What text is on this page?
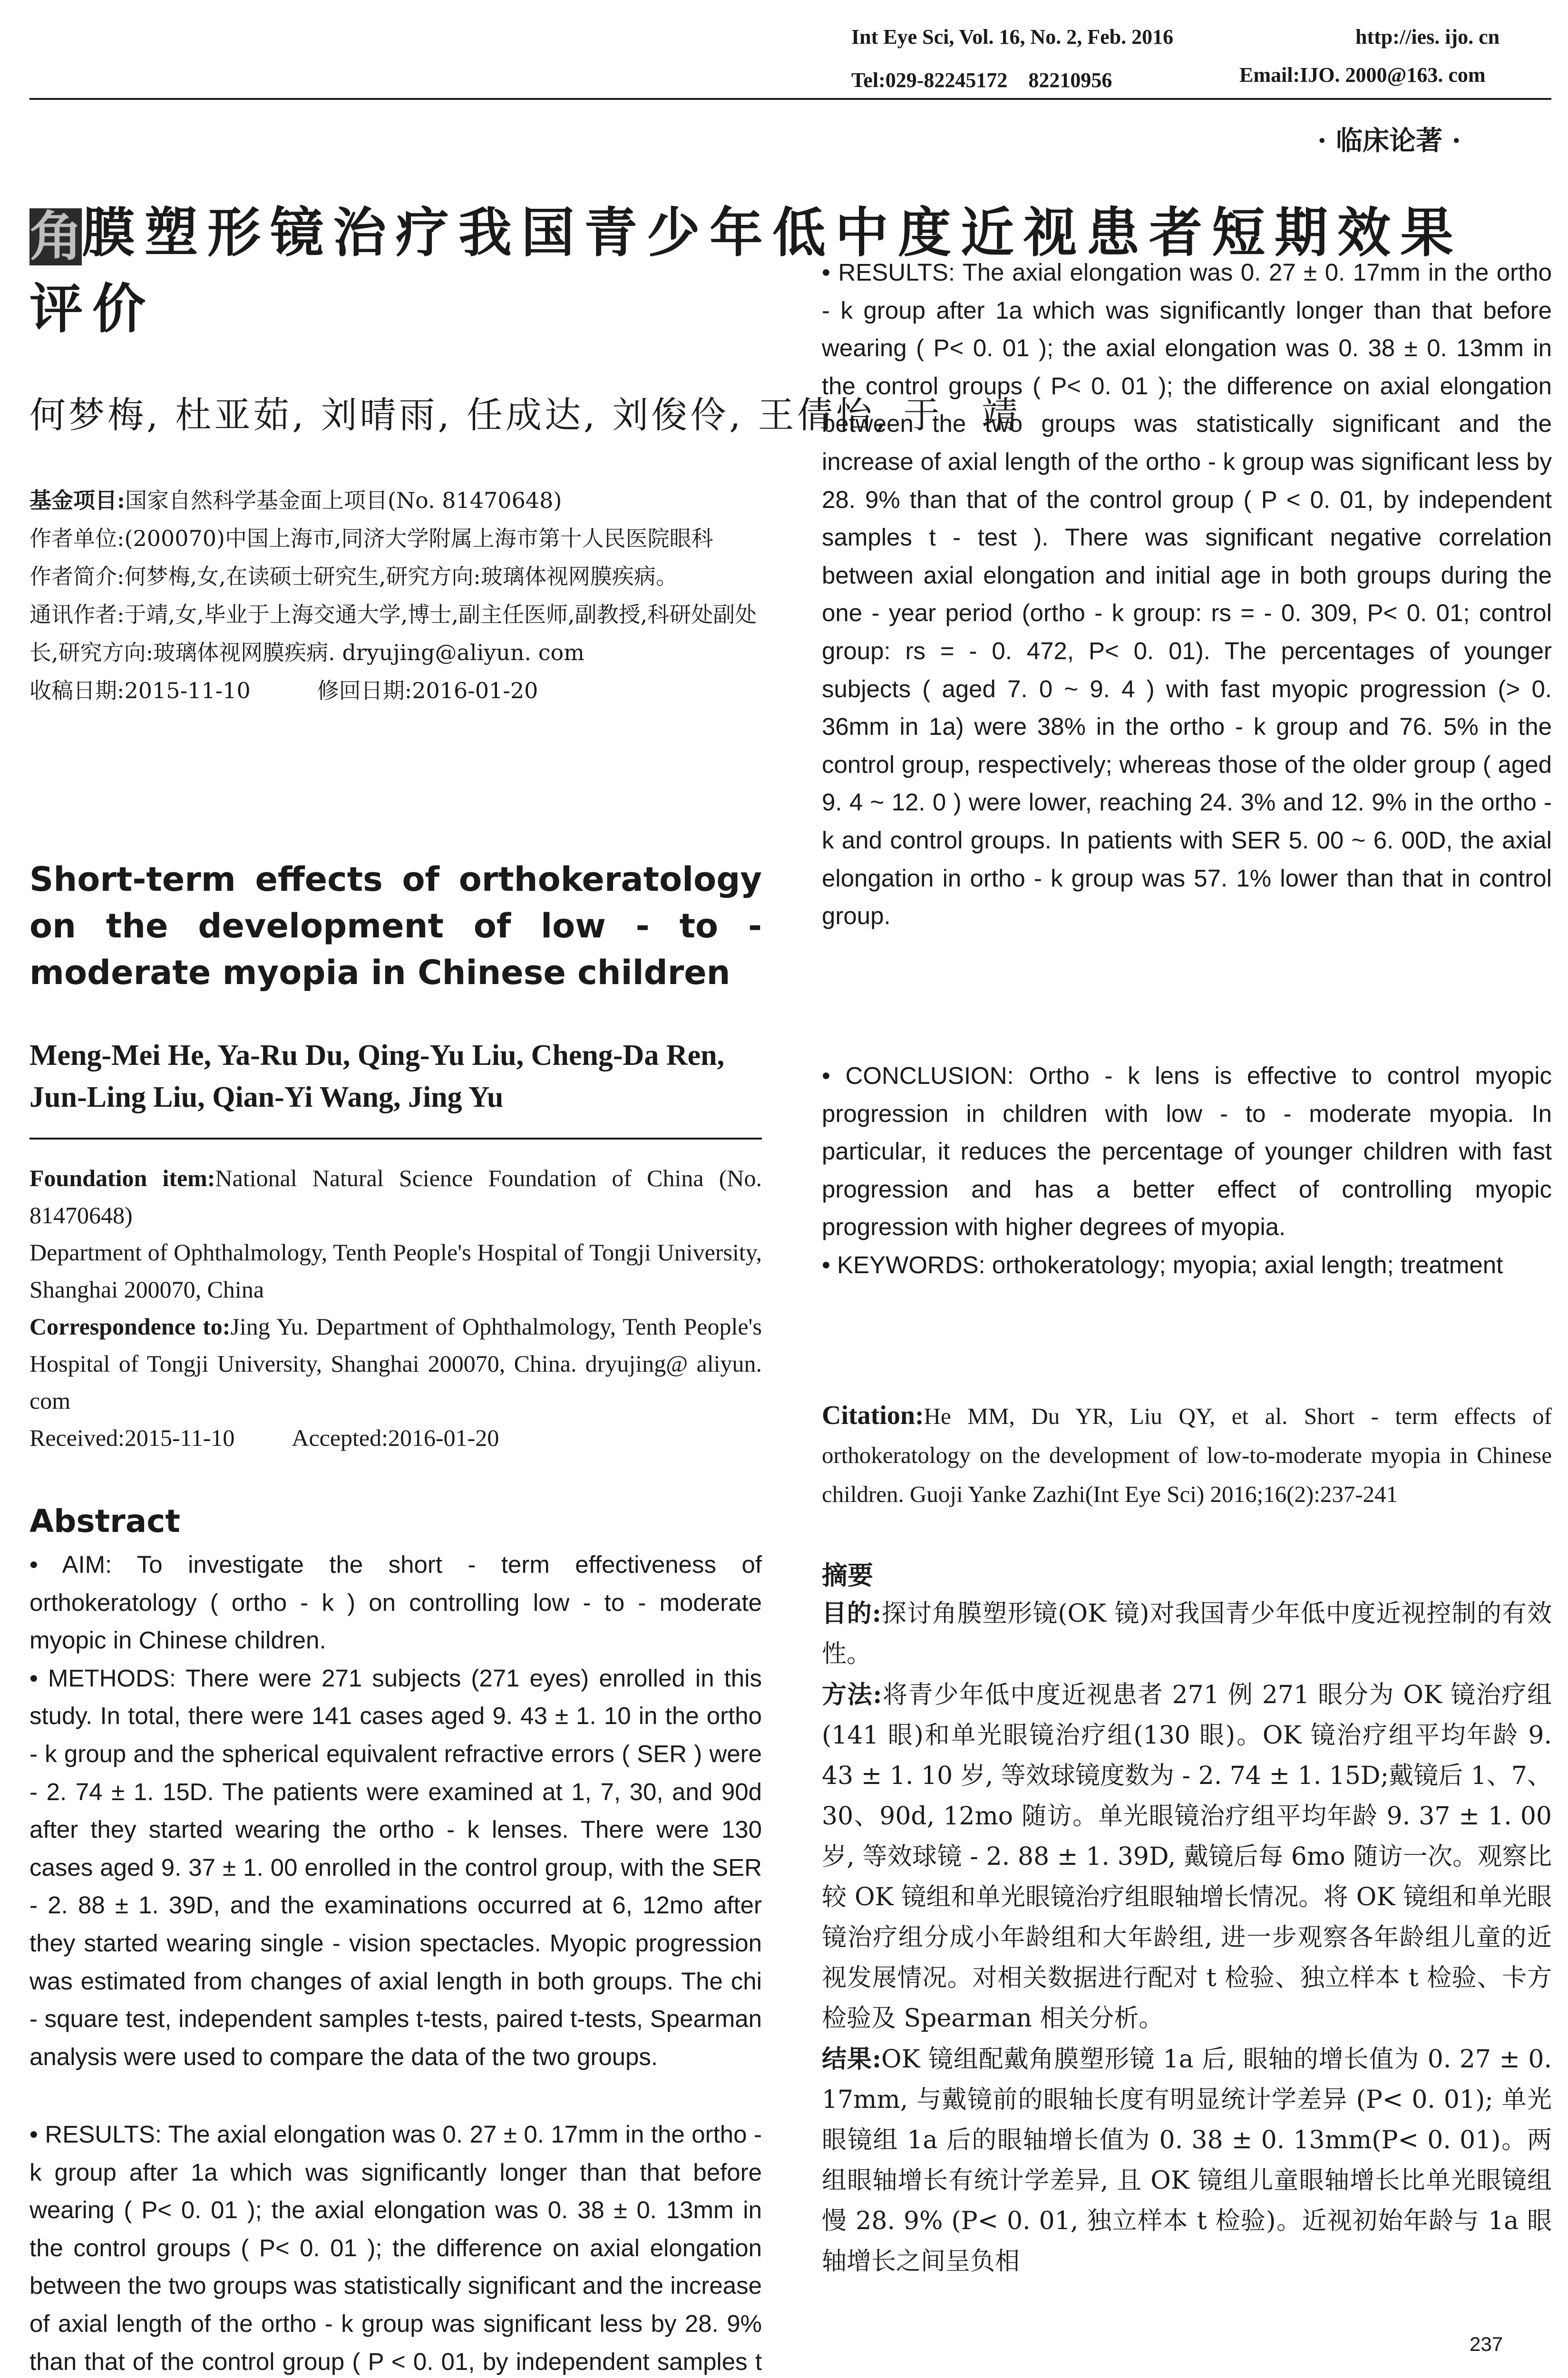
Int Eye Sci, Vol. 16, No. 2, Feb. 2016	http://ies. ijo. cn
Tel:029-82245172　82210956	Email:IJO. 2000@163. com
· 临床论著 ·
角膜塑形镜治疗我国青少年低中度近视患者短期效果
评价
何梦梅, 杜亚茹, 刘晴雨, 任成达, 刘俊伶, 王倩怡, 于　靖
基金项目:国家自然科学基金面上项目(No. 81470648)
作者单位:(200070)中国上海市,同济大学附属上海市第十人民医院眼科
作者简介:何梦梅,女,在读硕士研究生,研究方向:玻璃体视网膜疾病。
通讯作者:于靖,女,毕业于上海交通大学,博士,副主任医师,副教授,科研处副处长,研究方向:玻璃体视网膜疾病. dryujing@aliyun. com
收稿日期:2015-11-10	修回日期:2016-01-20
Short-term effects of orthokeratology on the development of low - to - moderate myopia in Chinese children
Meng-Mei He, Ya-Ru Du, Qing-Yu Liu, Cheng-Da Ren, Jun-Ling Liu, Qian-Yi Wang, Jing Yu
Foundation item:National Natural Science Foundation of China (No. 81470648)
Department of Ophthalmology, Tenth People's Hospital of Tongji University, Shanghai 200070, China
Correspondence to:Jing Yu. Department of Ophthalmology, Tenth People's Hospital of Tongji University, Shanghai 200070, China. dryujing@ aliyun. com
Received:2015-11-10 Accepted:2016-01-20
Abstract

• AIM: To investigate the short - term effectiveness of orthokeratology ( ortho - k ) on controlling low - to - moderate myopic in Chinese children.

• METHODS: There were 271 subjects (271 eyes) enrolled in this study. In total, there were 141 cases aged 9. 43 ± 1. 10 in the ortho - k group and the spherical equivalent refractive errors ( SER ) were - 2. 74 ± 1. 15D. The patients were examined at 1, 7, 30, and 90d after they started wearing the ortho - k lenses. There were 130 cases aged 9. 37 ± 1. 00 enrolled in the control group, with the SER - 2. 88 ± 1. 39D, and the examinations occurred at 6, 12mo after they started wearing single - vision spectacles. Myopic progression was estimated from changes of axial length in both groups. The chi - square test, independent samples t-tests, paired t-tests, Spearman analysis were used to compare the data of the two groups.

• RESULTS: The axial elongation was 0. 27 ± 0. 17mm in the ortho - k group after 1a which was significantly longer than that before wearing ( P< 0. 01 ); the axial elongation was 0. 38 ± 0. 13mm in the control groups ( P< 0. 01 ); the difference on axial elongation between the two groups was statistically significant and the increase of axial length of the ortho - k group was significant less by 28. 9% than that of the control group ( P < 0. 01, by independent samples t

• RESULTS: The axial elongation was 0. 27 ± 0. 17mm in the ortho - k group after 1a which was significantly longer than that before wearing ( P< 0. 01 ); the axial elongation was 0. 38 ± 0. 13mm in the control groups ( P< 0. 01 ); the difference on axial elongation between the two groups was statistically significant and the increase of axial length of the ortho - k group was significant less by 28. 9% than that of the control group ( P < 0. 01, by independent samples t - test ). There was significant negative correlation between axial elongation and initial age in both groups during the one - year period (ortho - k group: rs = - 0. 309, P< 0. 01; control group: rs = - 0. 472, P< 0. 01). The percentages of younger subjects ( aged 7. 0 ~ 9. 4 ) with fast myopic progression (> 0. 36mm in 1a) were 38% in the ortho - k group and 76. 5% in the control group, respectively; whereas those of the older group ( aged 9. 4 ~ 12. 0 ) were lower, reaching 24. 3% and 12. 9% in the ortho -k and control groups. In patients with SER 5. 00 ~ 6. 00D, the axial elongation in ortho - k group was 57. 1% lower than that in control group.

• CONCLUSION: Ortho - k lens is effective to control myopic progression in children with low - to - moderate myopia. In particular, it reduces the percentage of younger children with fast progression and has a better effect of controlling myopic progression with higher degrees of myopia.

• KEYWORDS: orthokeratology; myopia; axial length; treatment

Citation:He MM, Du YR, Liu QY, et al. Short - term effects of orthokeratology on the development of low-to-moderate myopia in Chinese children. Guoji Yanke Zazhi(Int Eye Sci) 2016;16(2):237-241
摘要

目的:探讨角膜塑形镜(OK 镜)对我国青少年低中度近视控制的有效性。

方法:将青少年低中度近视患者 271 例 271 眼分为 OK 镜治疗组(141 眼)和单光眼镜治疗组(130 眼)。OK 镜治疗组平均年龄 9. 43 ± 1. 10 岁, 等效球镜度数为 - 2. 74 ± 1. 15D;戴镜后 1、7、30、90d, 12mo 随访。单光眼镜治疗组平均年龄 9. 37 ± 1. 00 岁, 等效球镜 - 2. 88 ± 1. 39D, 戴镜后每 6mo 随访一次。观察比较 OK 镜组和单光眼镜治疗组眼轴增长情况。将 OK 镜组和单光眼镜治疗组分成小年龄组和大年龄组, 进一步观察各年龄组儿童的近视发展情况。对相关数据进行配对 t 检验、独立样本 t 检验、卡方检验及 Spearman 相关分析。

结果:OK 镜组配戴角膜塑形镜 1a 后, 眼轴的增长值为 0. 27 ± 0. 17mm, 与戴镜前的眼轴长度有明显统计学差异 (P< 0. 01); 单光眼镜组 1a 后的眼轴增长值为 0. 38 ± 0. 13mm(P< 0. 01)。两组眼轴增长有统计学差异, 且 OK 镜组儿童眼轴增长比单光眼镜组慢 28. 9% (P< 0. 01, 独立样本 t 检验)。近视初始年龄与 1a 眼轴增长之间呈负相

237
